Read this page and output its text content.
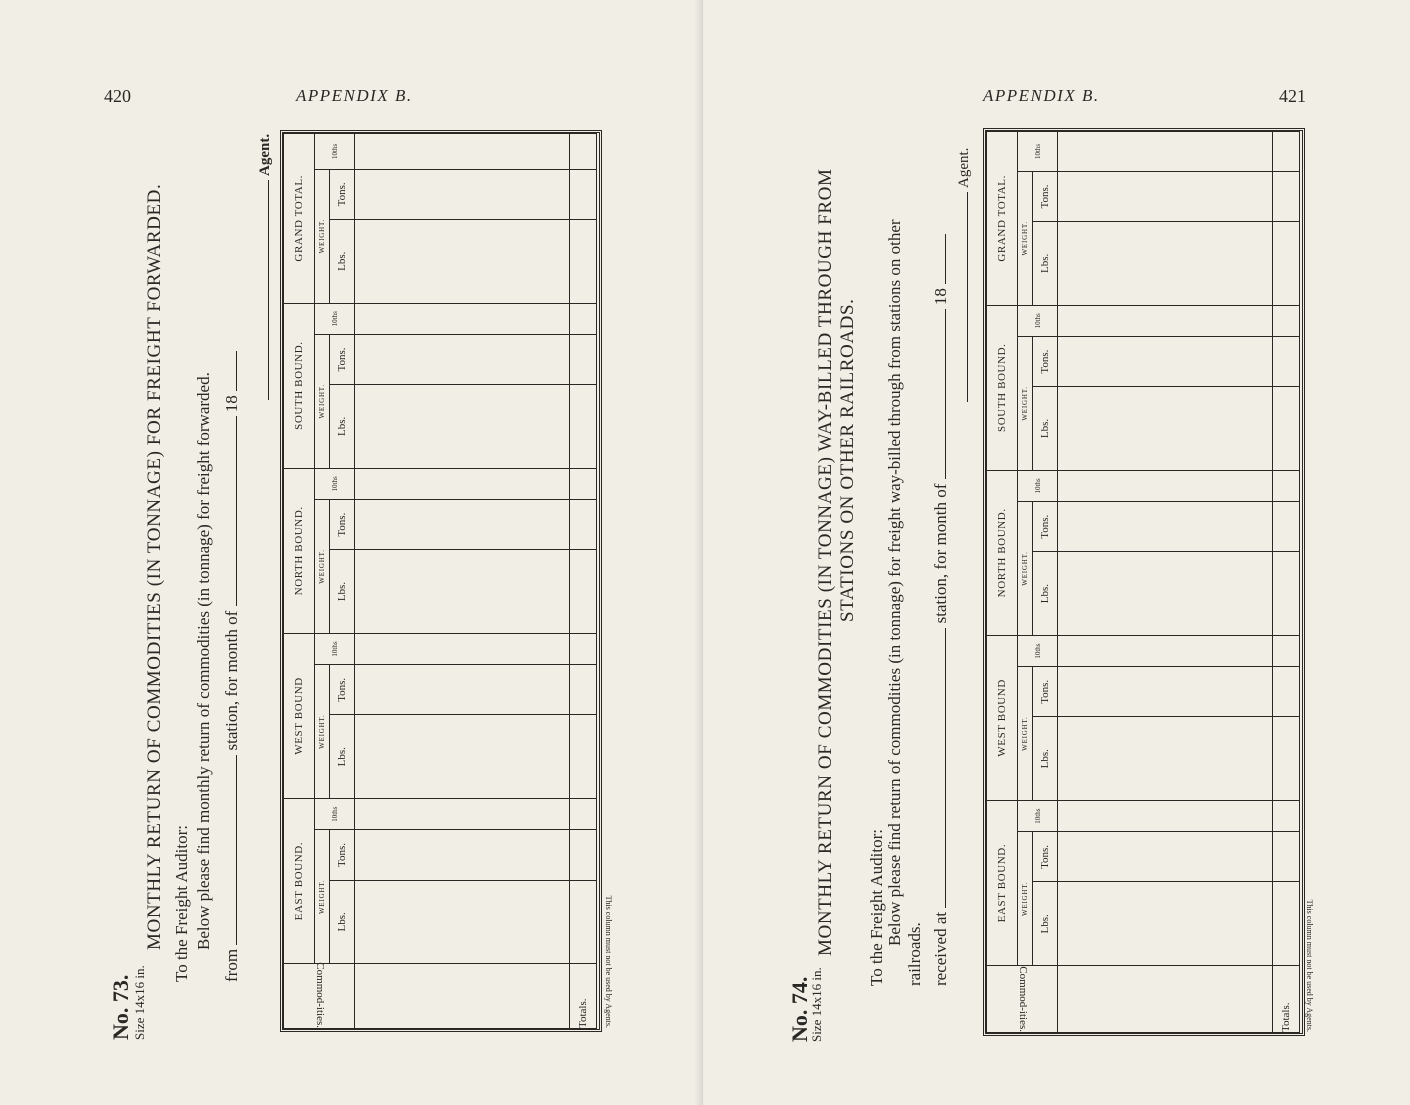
420	APPENDIX B.
No. 73. Size 14x16 in.
MONTHLY RETURN OF COMMODITIES (IN TONNAGE) FOR FREIGHT FORWARDED. To the Freight Auditor: Below please find monthly return of commodities (in tonnage) for freight forwarded.
from  station, for month of  18
Agent.
Commod-ities.	EAST BOUND.			WEST BOUND			NORTH BOUND.			SOUTH BOUND.			GRAND TOTAL.		
	WEIGHT.		10ths	WEIGHT.		10ths	WEIGHT.		10ths	WEIGHT.		10ths	WEIGHT.		10ths
	Lbs.	Tons.		Lbs.	Tons.		Lbs.	Tons.		Lbs.	Tons.		Lbs.	Tons.	

Totals.																This column must not be used by Agents.
APPENDIX B.	421
No. 74.
Size 14x16 in.
MONTHLY RETURN OF COMMODITIES (IN TONNAGE) WAY-BILLED THROUGH FROM STATIONS ON OTHER RAILROADS.
To the Freight Auditor: Below please find return of commodities (in tonnage) for freight way-billed through from stations on other
railroads. received at  station, for month of  18
Agent.
Commod-ities.	EAST BOUND.			WEST BOUND			NORTH BOUND.			SOUTH BOUND.			GRAND TOTAL.		
	WEIGHT.		10ths	WEIGHT.		10ths	WEIGHT.		10ths	WEIGHT.		10ths	WEIGHT.		10ths
	Lbs.	Tons.		Lbs.	Tons.		Lbs.	Tons.		Lbs.	Tons.		Lbs.	Tons.	

Totals.																This column must not be used by Agents.
